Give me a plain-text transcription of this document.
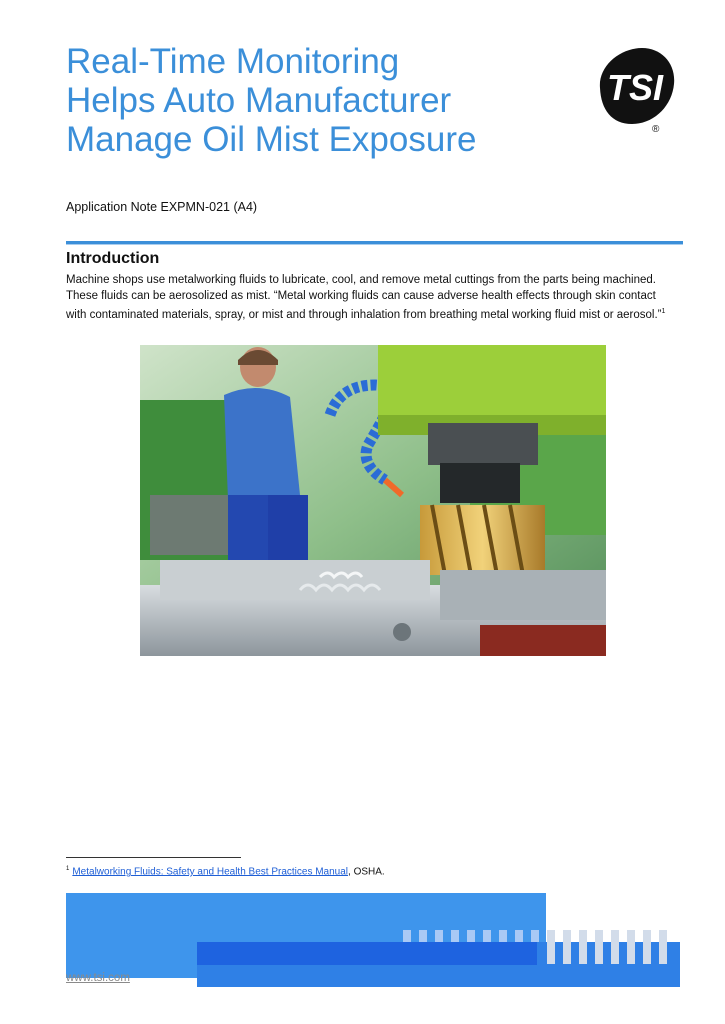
Real-Time Monitoring
Helps Auto Manufacturer
Manage Oil Mist Exposure
TSI
®
Application Note EXPMN-021 (A4)
Introduction

Machine shops use metalworking fluids to lubricate, cool, and remove metal cuttings from the parts being machined. These fluids can be aerosolized as mist. “Metal working fluids can cause adverse health effects through skin contact with contaminated materials, spray, or mist and through inhalation from breathing metal working fluid mist or aerosol.”$^1$

$^1$ Metalworking Fluids: Safety and Health Best Practices Manual, OSHA.
www.tsi.com
